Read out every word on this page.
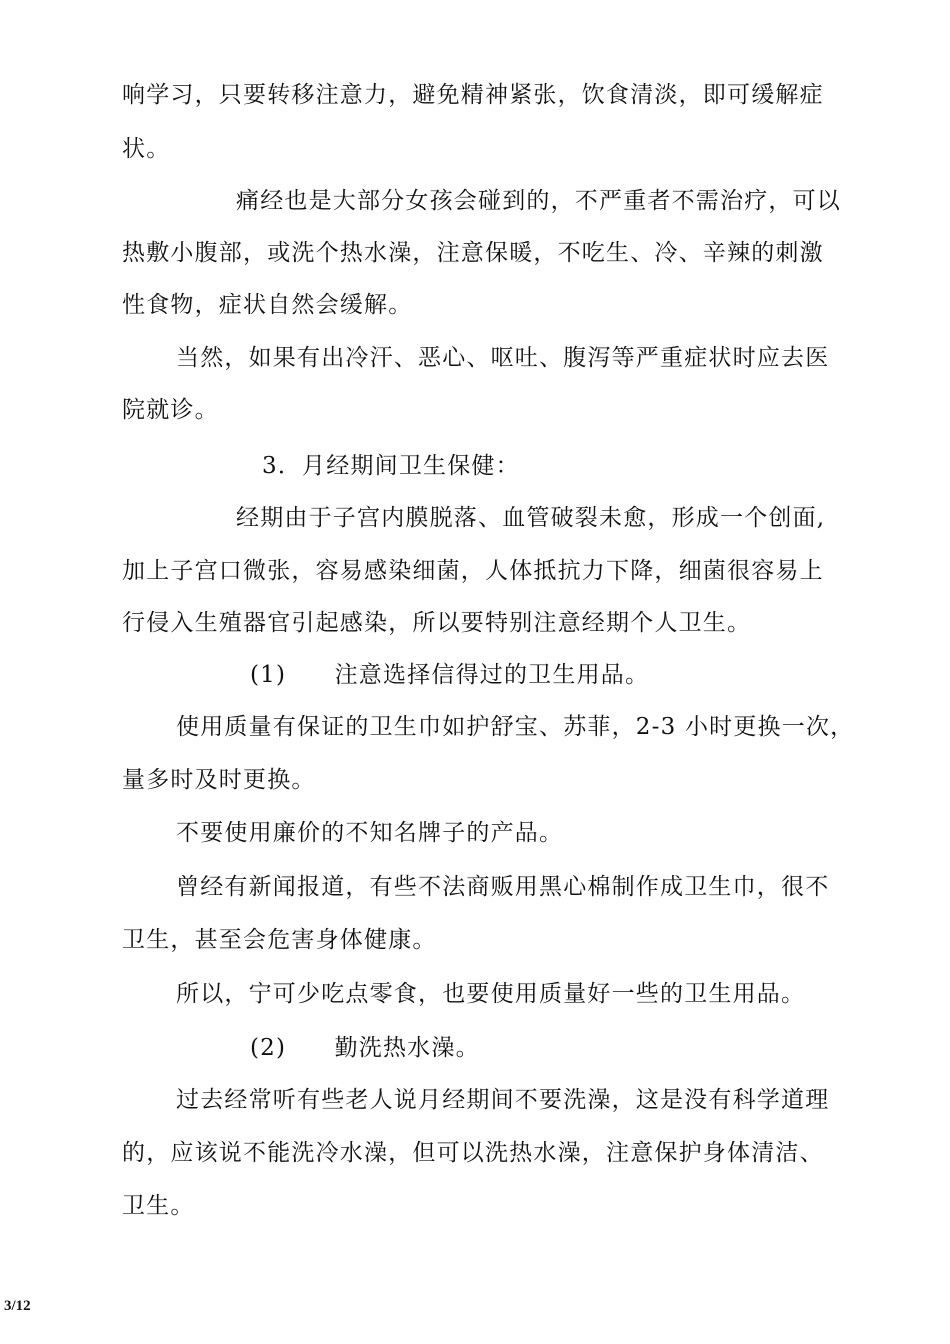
响学习，只要转移注意力，避免精神紧张，饮食清淡，即可缓解症

状。

痛经也是大部分女孩会碰到的，不严重者不需治疗，可以

热敷小腹部，或洗个热水澡，注意保暖，不吃生、冷、辛辣的刺激

性食物，症状自然会缓解。

当然，如果有出冷汗、恶心、呕吐、腹泻等严重症状时应去医

院就诊。

3．月经期间卫生保健：

经期由于子宫内膜脱落、血管破裂未愈，形成一个创面,

加上子宫口微张，容易感染细菌，人体抵抗力下降，细菌很容易上

行侵入生殖器官引起感染，所以要特别注意经期个人卫生。

(1)　　注意选择信得过的卫生用品。

使用质量有保证的卫生巾如护舒宝、苏菲，2-3 小时更换一次，

量多时及时更换。

不要使用廉价的不知名牌子的产品。

曾经有新闻报道，有些不法商贩用黑心棉制作成卫生巾，很不

卫生，甚至会危害身体健康。

所以，宁可少吃点零食，也要使用质量好一些的卫生用品。

(2)　　勤洗热水澡。

过去经常听有些老人说月经期间不要洗澡，这是没有科学道理

的，应该说不能洗冷水澡，但可以洗热水澡，注意保护身体清洁、

卫生。

3/12
